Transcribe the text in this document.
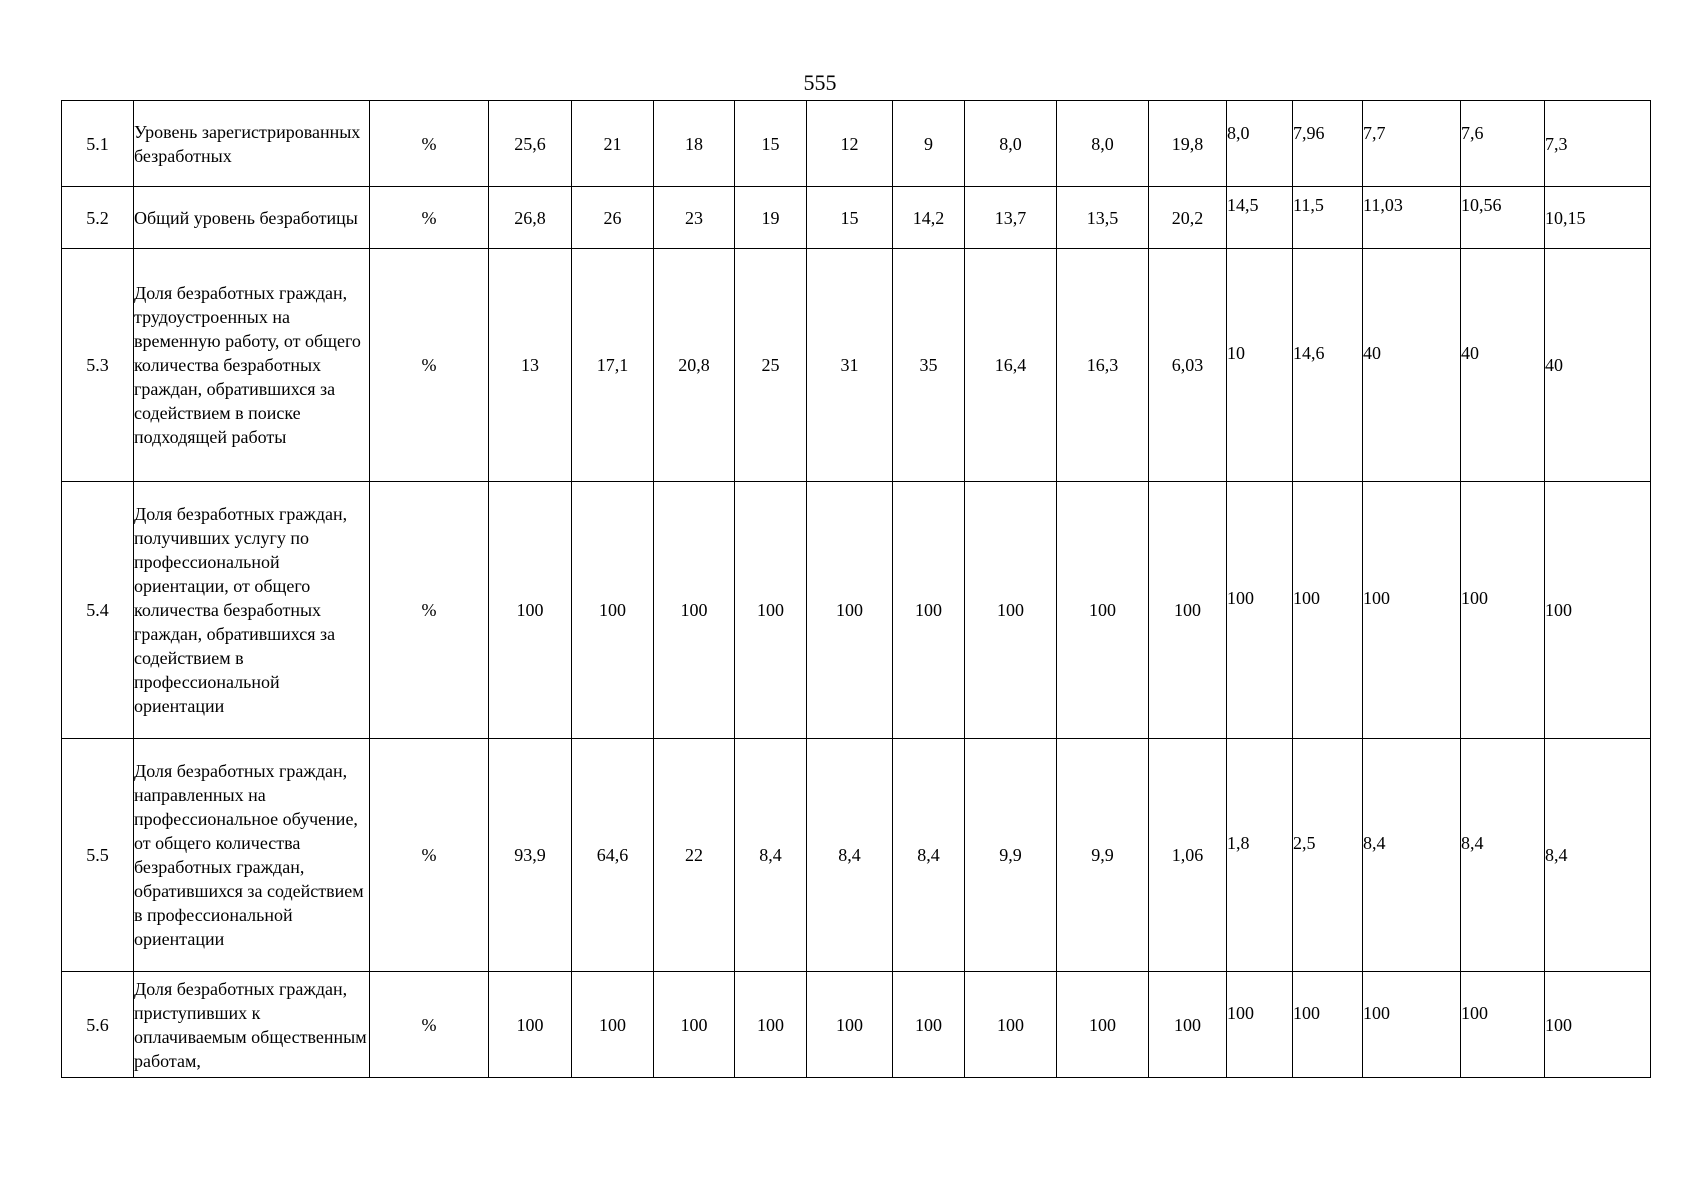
555
5.1	Уровень зарегистрированных безработных	%	25,6	21	18	15	12	9	8,0	8,0	19,8	8,0	7,96	7,7	7,6	7,3
5.2	Общий уровень безработицы	%	26,8	26	23	19	15	14,2	13,7	13,5	20,2	14,5	11,5	11,03	10,56	10,15
5.3	Доля безработных граждан, трудоустроенных на временную работу, от общего количества безработных граждан, обратившихся за содействием в поиске подходящей работы	%	13	17,1	20,8	25	31	35	16,4	16,3	6,03	10	14,6	40	40	40
5.4	Доля безработных граждан, получивших услугу по профессиональной ориентации, от общего количества безработных граждан, обратившихся за содействием в профессиональной ориентации	%	100	100	100	100	100	100	100	100	100	100	100	100	100	100
5.5	Доля безработных граждан, направленных на профессиональное обучение, от общего количества безработных граждан, обратившихся за содействием в профессиональной ориентации	%	93,9	64,6	22	8,4	8,4	8,4	9,9	9,9	1,06	1,8	2,5	8,4	8,4	8,4
5.6	Доля безработных граждан, приступивших к оплачиваемым общественным работам,	%	100	100	100	100	100	100	100	100	100	100	100	100	100	100
